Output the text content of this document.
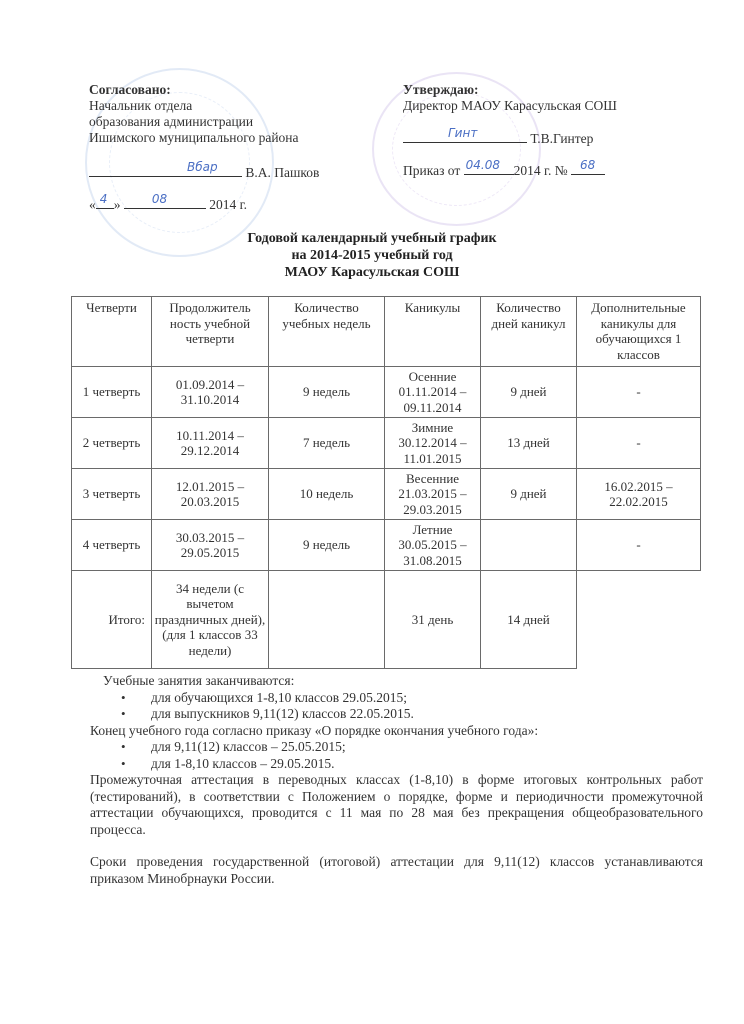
Согласовано:
Начальник отдела
образования администрации
Ишимского муниципального района
Вбар В.А. Пашков
« 4 »	08	2014 г.
Утверждаю:
Директор МАОУ Карасульская СОШ
Гинт	Т.В.Гинтер
Приказ от 04.08 2014 г. № 68
Годовой календарный учебный график
на 2014-2015 учебный год
МАОУ Карасульская СОШ
Четверти	Продолжитель ность учебной четверти	Количество учебных недель	Каникулы	Количество дней каникул	Дополнительные каникулы для обучающихся 1 классов
1 четверть	01.09.2014 – 31.10.2014	9 недель	Осенние 01.11.2014 – 09.11.2014	9 дней	-
2 четверть	10.11.2014 – 29.12.2014	7 недель	Зимние 30.12.2014 – 11.01.2015	13 дней	-
3 четверть	12.01.2015 – 20.03.2015	10 недель	Весенние 21.03.2015 – 29.03.2015	9 дней	16.02.2015 – 22.02.2015
4 четверть	30.03.2015 – 29.05.2015	9 недель	Летние 30.05.2015 – 31.08.2015		-
Итого:	34 недели (с вычетом праздничных дней), (для 1 классов 33 недели)		31 день	14 дней
Учебные занятия заканчиваются:
• для обучающихся 1-8,10 классов 29.05.2015;
• для выпускников 9,11(12) классов 22.05.2015.
Конец учебного года согласно приказу «О порядке окончания учебного года»:
• для 9,11(12) классов – 25.05.2015;
• для 1-8,10 классов – 29.05.2015.
Промежуточная аттестация в переводных классах (1-8,10) в форме итоговых контрольных работ (тестирований), в соответствии с Положением о порядке, форме и периодичности промежуточной аттестации обучающихся, проводится с 11 мая по 28 мая без прекращения общеобразовательного процесса.
Сроки проведения государственной (итоговой) аттестации для 9,11(12) классов устанавливаются приказом Минобрнауки России.
